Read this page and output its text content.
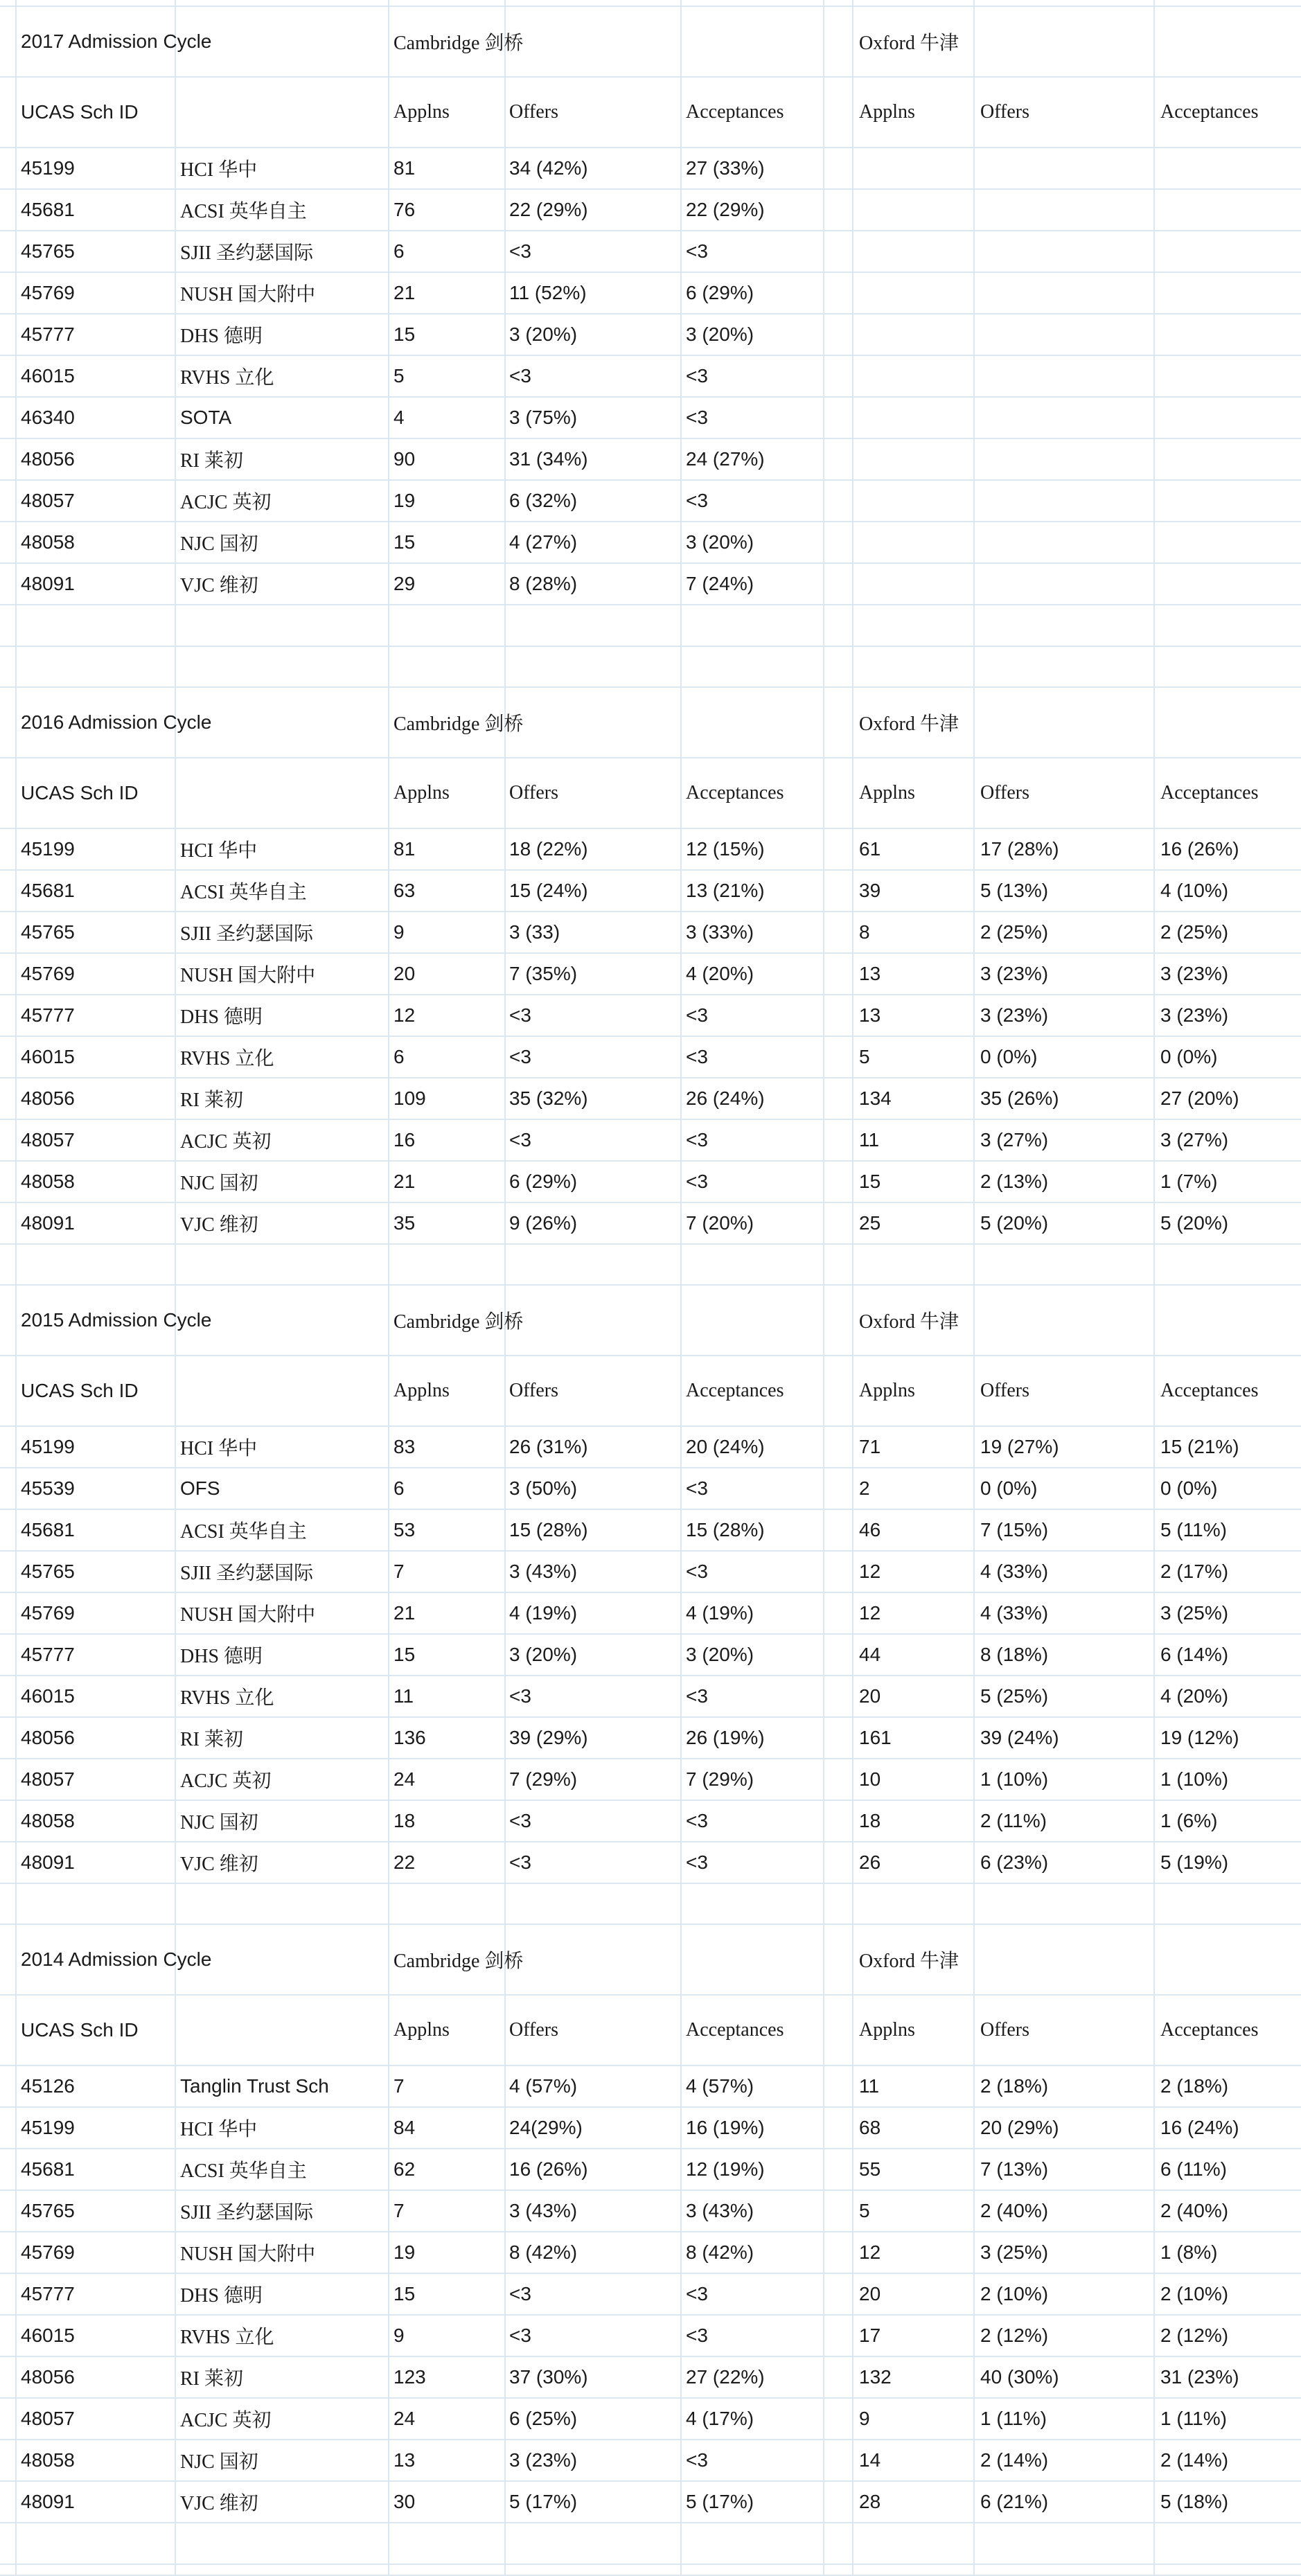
2017 Admission Cycle	Cambridge 剑桥	Oxford 牛津
UCAS Sch ID	Applns	Offers	Acceptances	Applns	Offers	Acceptances
45199	HCI 华中	81	34 (42%)	27 (33%)
45681	ACSI 英华自主	76	22 (29%)	22 (29%)
45765	SJII 圣约瑟国际	6	<3	<3
45769	NUSH 国大附中	21	11 (52%)	6 (29%)
45777	DHS 德明	15	3 (20%)	3 (20%)
46015	RVHS 立化	5	<3	<3
46340	SOTA	4	3 (75%)	<3
48056	RI 莱初	90	31 (34%)	24 (27%)
48057	ACJC 英初	19	6 (32%)	<3
48058	NJC 国初	15	4 (27%)	3 (20%)
48091	VJC 维初	29	8 (28%)	7 (24%)
2016 Admission Cycle	Cambridge 剑桥	Oxford 牛津
UCAS Sch ID	Applns	Offers	Acceptances	Applns	Offers	Acceptances
45199	HCI 华中	81	18 (22%)	12 (15%)	61	17 (28%)	16 (26%)
45681	ACSI 英华自主	63	15 (24%)	13 (21%)	39	5 (13%)	4 (10%)
45765	SJII 圣约瑟国际	9	3 (33)	3 (33%)	8	2 (25%)	2 (25%)
45769	NUSH 国大附中	20	7 (35%)	4 (20%)	13	3 (23%)	3 (23%)
45777	DHS 德明	12	<3	<3	13	3 (23%)	3 (23%)
46015	RVHS 立化	6	<3	<3	5	0 (0%)	0 (0%)
48056	RI 莱初	109	35 (32%)	26 (24%)	134	35 (26%)	27 (20%)
48057	ACJC 英初	16	<3	<3	11	3 (27%)	3 (27%)
48058	NJC 国初	21	6 (29%)	<3	15	2 (13%)	1 (7%)
48091	VJC 维初	35	9 (26%)	7 (20%)	25	5 (20%)	5 (20%)
2015 Admission Cycle	Cambridge 剑桥	Oxford 牛津
UCAS Sch ID	Applns	Offers	Acceptances	Applns	Offers	Acceptances
45199	HCI 华中	83	26 (31%)	20 (24%)	71	19 (27%)	15 (21%)
45539	OFS	6	3 (50%)	<3	2	0 (0%)	0 (0%)
45681	ACSI 英华自主	53	15 (28%)	15 (28%)	46	7 (15%)	5 (11%)
45765	SJII 圣约瑟国际	7	3 (43%)	<3	12	4 (33%)	2 (17%)
45769	NUSH 国大附中	21	4 (19%)	4 (19%)	12	4 (33%)	3 (25%)
45777	DHS 德明	15	3 (20%)	3 (20%)	44	8 (18%)	6 (14%)
46015	RVHS 立化	11	<3	<3	20	5 (25%)	4 (20%)
48056	RI 莱初	136	39 (29%)	26 (19%)	161	39 (24%)	19 (12%)
48057	ACJC 英初	24	7 (29%)	7 (29%)	10	1 (10%)	1 (10%)
48058	NJC 国初	18	<3	<3	18	2 (11%)	1 (6%)
48091	VJC 维初	22	<3	<3	26	6 (23%)	5 (19%)
2014 Admission Cycle	Cambridge 剑桥	Oxford 牛津
UCAS Sch ID	Applns	Offers	Acceptances	Applns	Offers	Acceptances
45126	Tanglin Trust Sch	7	4 (57%)	4 (57%)	11	2 (18%)	2 (18%)
45199	HCI 华中	84	24(29%)	16 (19%)	68	20 (29%)	16 (24%)
45681	ACSI 英华自主	62	16 (26%)	12 (19%)	55	7 (13%)	6 (11%)
45765	SJII 圣约瑟国际	7	3 (43%)	3 (43%)	5	2 (40%)	2 (40%)
45769	NUSH 国大附中	19	8 (42%)	8 (42%)	12	3 (25%)	1 (8%)
45777	DHS 德明	15	<3	<3	20	2 (10%)	2 (10%)
46015	RVHS 立化	9	<3	<3	17	2 (12%)	2 (12%)
48056	RI 莱初	123	37 (30%)	27 (22%)	132	40 (30%)	31 (23%)
48057	ACJC 英初	24	6 (25%)	4 (17%)	9	1 (11%)	1 (11%)
48058	NJC 国初	13	3 (23%)	<3	14	2 (14%)	2 (14%)
48091	VJC 维初	30	5 (17%)	5 (17%)	28	6 (21%)	5 (18%)
